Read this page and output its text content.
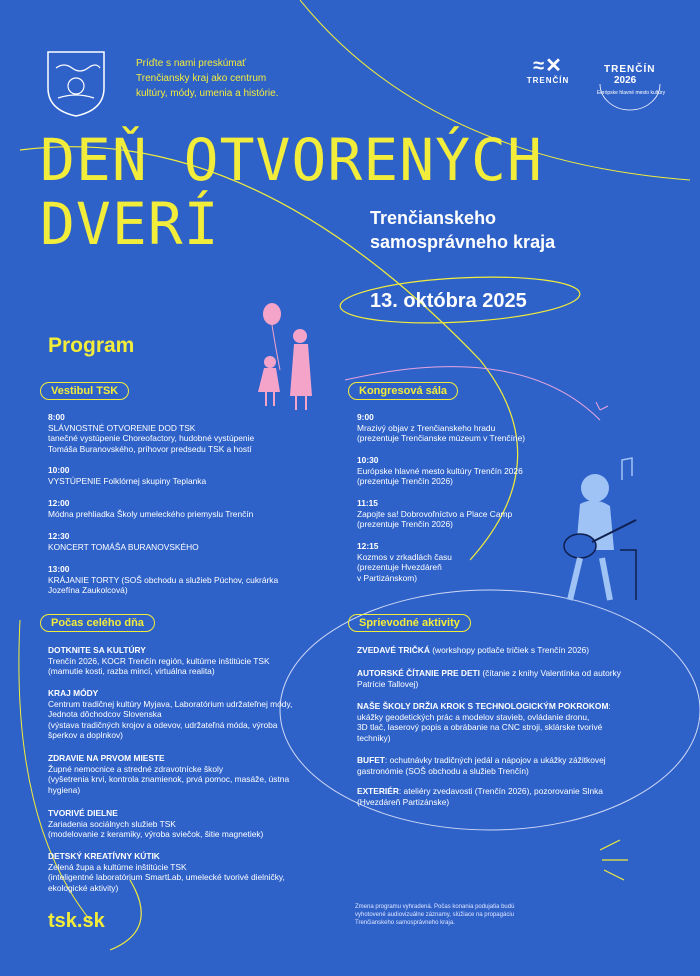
Príďte s nami preskúmať
Trenčiansky kraj ako centrum
kultúry, módy, umenia a histórie.
≈✕
TRENČÍN
TRENČÍN
2026
Európske hlavné mesto kultúry
DEŇ OTVORENÝCH
DVERÍ	Trenčianskeho
samosprávneho kraja
13. októbra 2025
Program
Vestibul TSK
8:00
SLÁVNOSTNÉ OTVORENIE DOD TSK
tanečné vystúpenie Choreofactory, hudobné vystúpenie
Tomáša Buranovského, príhovor predsedu TSK a hostí
10:00
VYSTÚPENIE Folklórnej skupiny Teplanka
12:00
Módna prehliadka Školy umeleckého priemyslu Trenčín
12:30
KONCERT TOMÁŠA BURANOVSKÉHO
13:00
KRÁJANIE TORTY (SOŠ obchodu a služieb Púchov, cukrárka
Jozefína Zaukolcová)
Kongresová sála
9:00
Mrazivý objav z Trenčianskeho hradu
(prezentuje Trenčianske múzeum v Trenčíne)
10:30
Európske hlavné mesto kultúry Trenčín 2026
(prezentuje Trenčín 2026)
11:15
Zapojte sa! Dobrovoľníctvo a Place Camp
(prezentuje Trenčín 2026)
12:15
Kozmos v zrkadlách času
(prezentuje Hvezdáreň
v Partizánskom)
Počas celého dňa
DOTKNITE SA KULTÚRY
Trenčín 2026, KOCR Trenčín región, kultúrne inštitúcie TSK
(mamutie kosti, razba mincí, virtuálna realita)
KRAJ MÓDY
Centrum tradičnej kultúry Myjava, Laboratórium udržateľnej módy,
Jednota dôchodcov Slovenska
(výstava tradičných krojov a odevov, udržateľná móda, výroba
šperkov a doplnkov)
ZDRAVIE NA PRVOM MIESTE
Župné nemocnice a stredné zdravotnícke školy
(vyšetrenia krvi, kontrola znamienok, prvá pomoc, masáže, ústna
hygiena)
TVORIVÉ DIELNE
Zariadenia sociálnych služieb TSK
(modelovanie z keramiky, výroba sviečok, šitie magnetiek)
DETSKÝ KREATÍVNY KÚTIK
Zelená župa a kultúrne inštitúcie TSK
(inteligentné laboratórium SmartLab, umelecké tvorivé dielničky,
ekologické aktivity)
Sprievodné aktivity
ZVEDAVÉ TRIČKÁ (workshopy potlače tričiek s Trenčín 2026)
AUTORSKÉ ČÍTANIE PRE DETI (čítanie z knihy Valentínka od autorky
Patrície Tallovej)
NAŠE ŠKOLY DRŽIA KROK S TECHNOLOGICKÝM POKROKOM:
ukážky geodetických prác a modelov stavieb, ovládanie dronu,
3D tlač, laserový popis a obrábanie na CNC stroji, sklárske tvorivé
techniky)
BUFET: ochutnávky tradičných jedál a nápojov a ukážky zážitkovej
gastronómie (SOŠ obchodu a služieb Trenčín)
EXTERIÉR: ateliéry zvedavosti (Trenčín 2026), pozorovanie Slnka
(Hvezdáreň Partizánske)
Zmena programu vyhradená. Počas konania podujatia budú
vyhotovené audiovizuálne záznamy, slúžiace na propagáciu
Trenčianskeho samosprávneho kraja.
tsk.sk
